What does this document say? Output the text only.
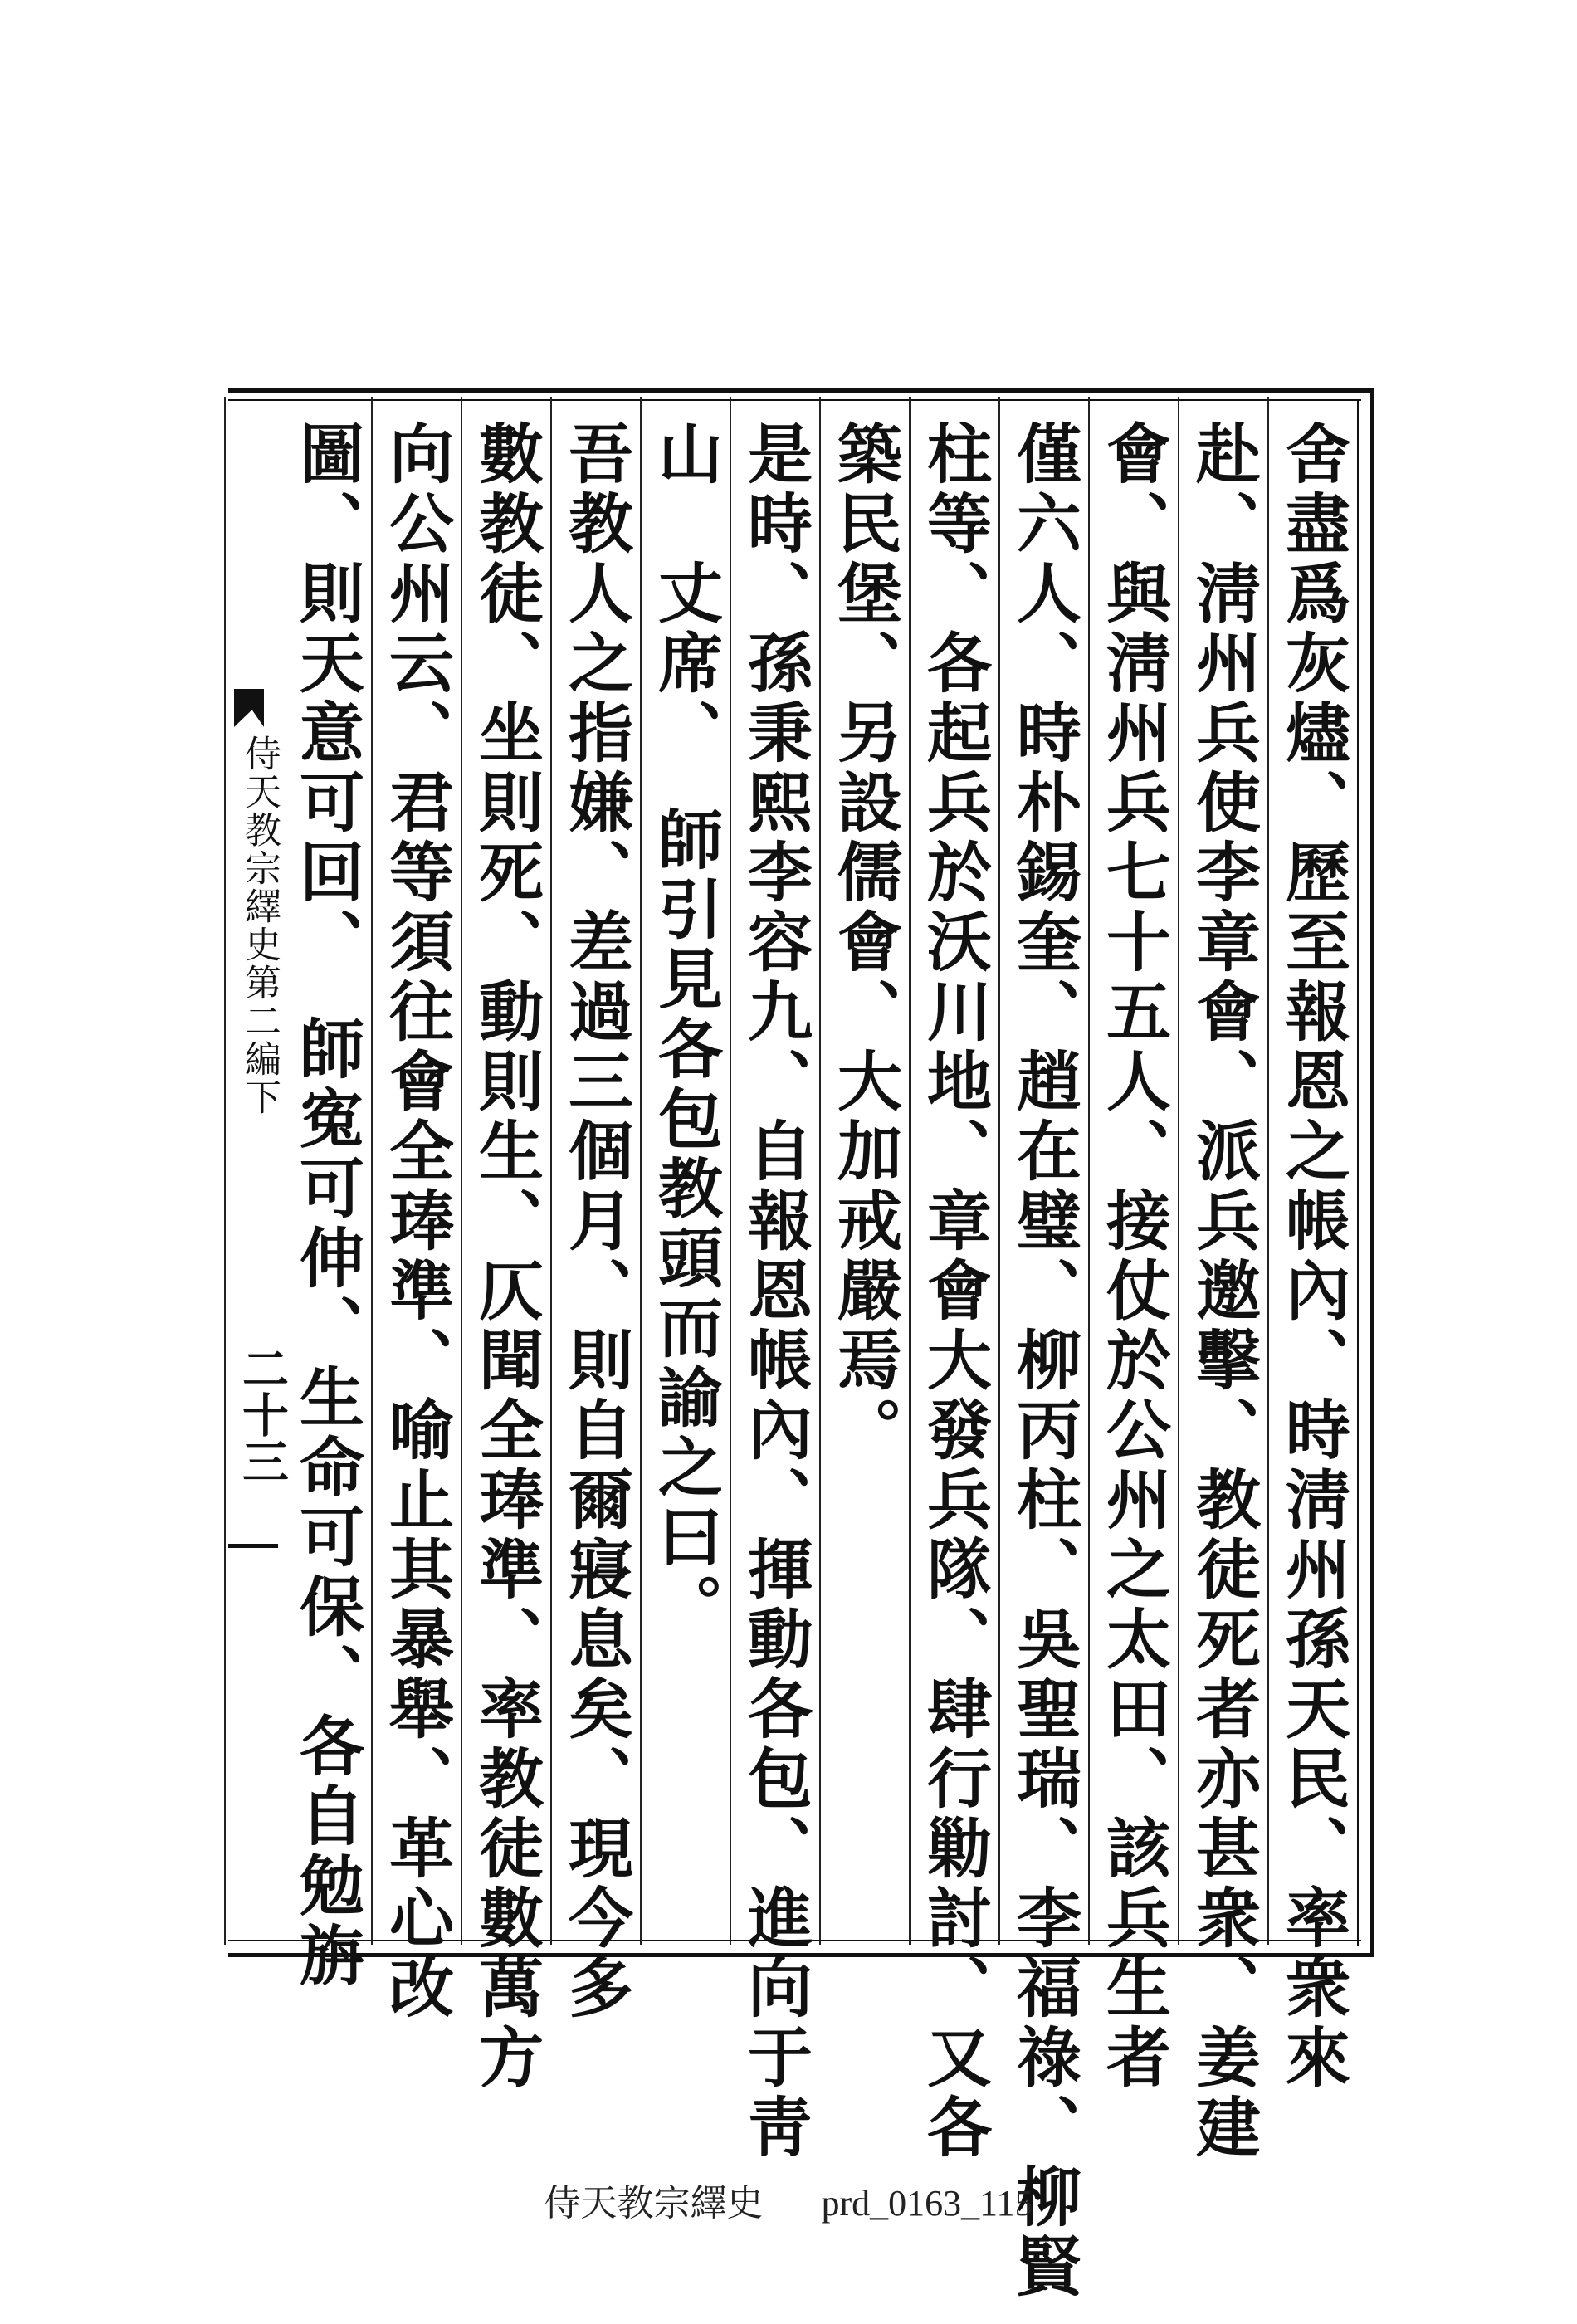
舍盡爲灰燼、歷至報恩之帳內、時淸州孫天民、率衆來
赴、淸州兵使李章會、派兵邀擊、教徒死者亦甚衆、姜建
會、與淸州兵七十五人、接仗於公州之太田、該兵生者
僅六人、時朴錫奎、趙在璧、柳丙柱、吳聖瑞、李福祿、柳賢
柱等、各起兵於沃川地、章會大發兵隊、肆行勦討、又各
築民堡、另設儒會、大加戒嚴焉。
是時、孫秉熙李容九、自報恩帳內、揮動各包、進向于靑
山　丈席、　師引見各包教頭而諭之曰。
吾教人之指嫌、差過三個月、則自爾寢息矣、現今多
數教徒、坐則死、動則生、仄聞全琫準、率教徒數萬方
向公州云、君等須往會全琫準、喻止其暴舉、革心改
圖、則天意可回、　師寃可伸、生命可保、各自勉旃
侍天教宗繹史第二編下
二十三
侍天教宗繹史 prd_0163_115
